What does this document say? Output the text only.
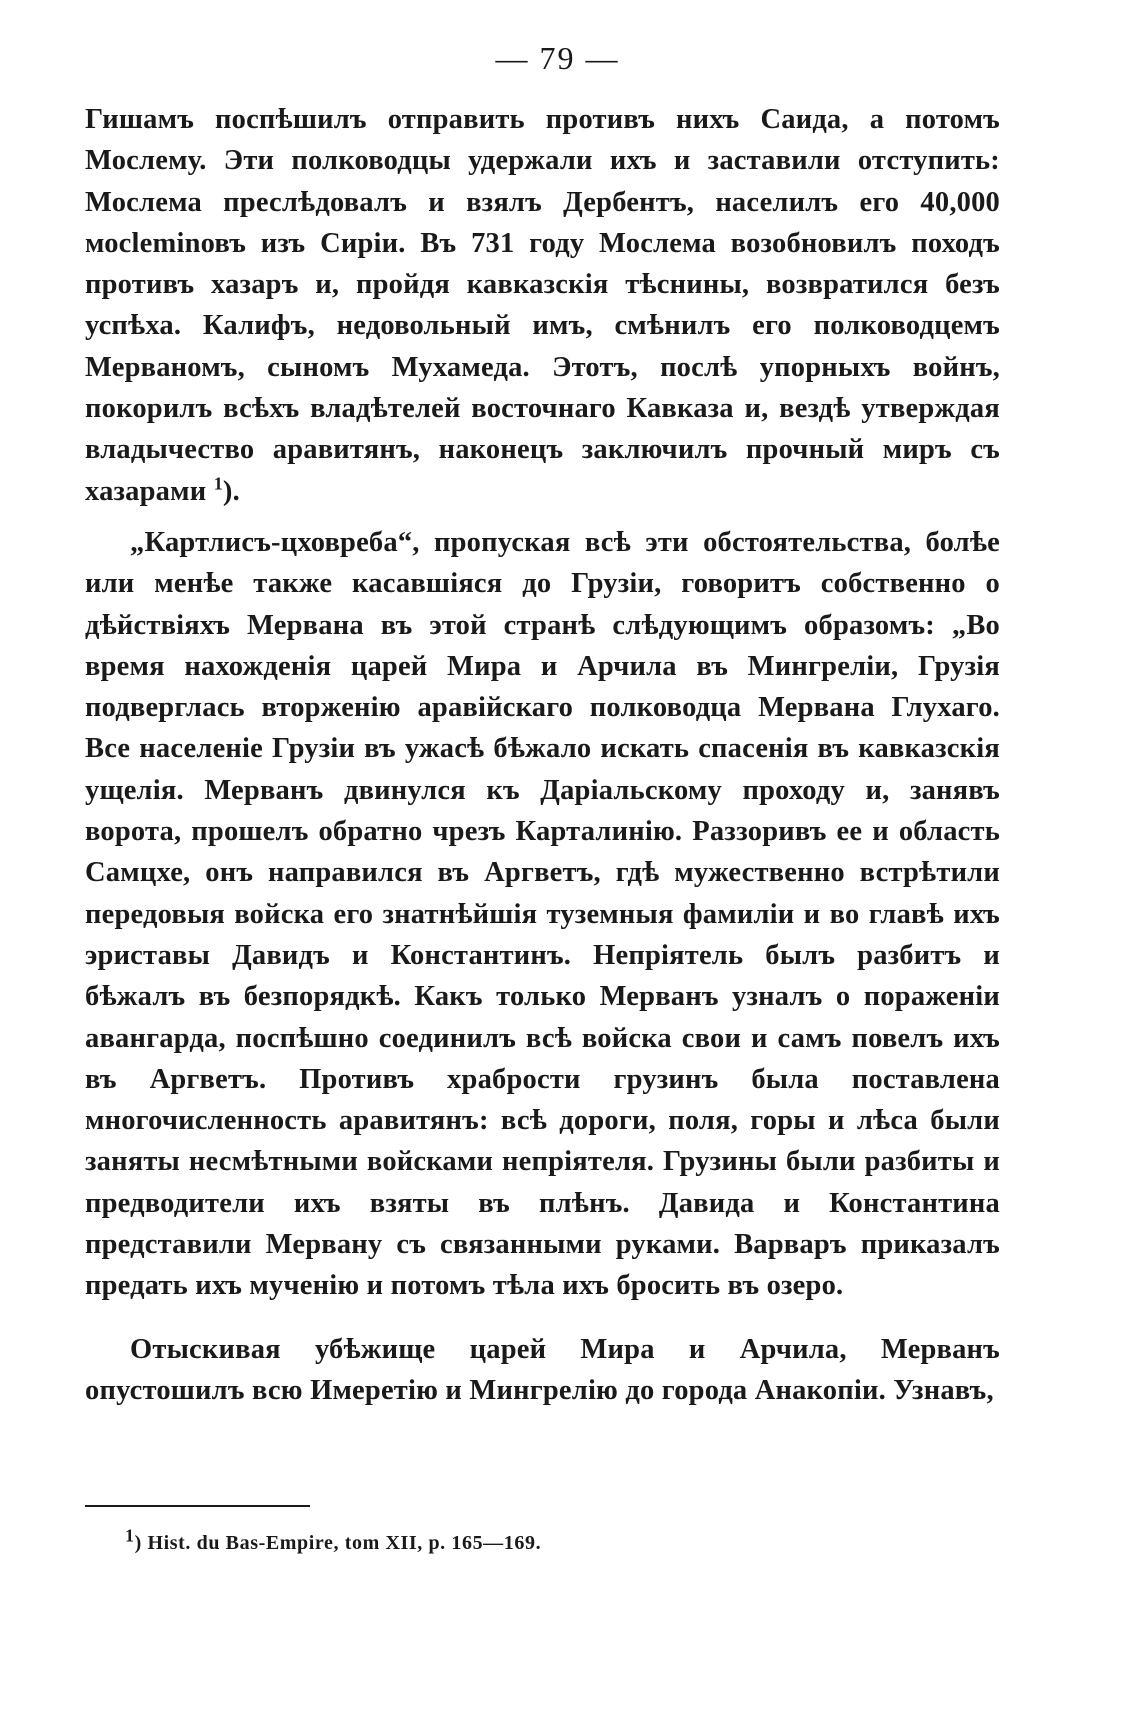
— 79 —

Гишамъ поспѣшилъ отправить противъ нихъ Саида, а потомъ Мослему. Эти полководцы удержали ихъ и заставили отступить: Мослема преслѣдовалъ и взялъ Дербентъ, населилъ его 40,000 мосleminовъ изъ Сиріи. Въ 731 году Мослема возобновилъ походъ противъ хазаръ и, пройдя кавказскія тѣснины, возвратился безъ успѣха. Калифъ, недовольный имъ, смѣнилъ его полководцемъ Мерваномъ, сыномъ Мухамеда. Этотъ, послѣ упорныхъ войнъ, покорилъ всѣхъ владѣтелей восточнаго Кавказа и, вездѣ утверждая владычество аравитянъ, наконецъ заключилъ прочный миръ съ хазарами $^1$).

„Картлисъ-цховреба“, пропуская всѣ эти обстоятельства, болѣе или менѣе также касавшіяся до Грузіи, говоритъ собственно о дѣйствіяхъ Мервана въ этой странѣ слѣдующимъ образомъ: „Во время нахожденія царей Мира и Арчила въ Мингреліи, Грузія подверглась вторженію аравійскаго полководца Мервана Глухаго. Все населеніе Грузіи въ ужасѣ бѣжало искать спасенія въ кавказскія ущелія. Мерванъ двинулся къ Даріальскому проходу и, занявъ ворота, прошелъ обратно чрезъ Карталинію. Раззоривъ ее и область Самцхе, онъ направился въ Аргветъ, гдѣ мужественно встрѣтили передовыя войска его знатнѣйшія туземныя фамиліи и во главѣ ихъ эриставы Давидъ и Константинъ. Непріятель былъ разбитъ и бѣжалъ въ безпорядкѣ. Какъ только Мерванъ узналъ о пораженіи авангарда, поспѣшно соединилъ всѣ войска свои и самъ повелъ ихъ въ Аргветъ. Противъ храбрости грузинъ была поставлена многочисленность аравитянъ: всѣ дороги, поля, горы и лѣса были заняты несмѣтными войсками непріятеля. Грузины были разбиты и предводители ихъ взяты въ плѣнъ. Давида и Константина представили Мервану съ связанными руками. Варваръ приказалъ предать ихъ мученію и потомъ тѣла ихъ бросить въ озеро.

Отыскивая убѣжище царей Мира и Арчила, Мерванъ опустошилъ всю Имеретію и Мингрелію до города Анакопіи. Узнавъ,

$^1$) Hist. du Bas-Empire, tom XII, p. 165—169.
